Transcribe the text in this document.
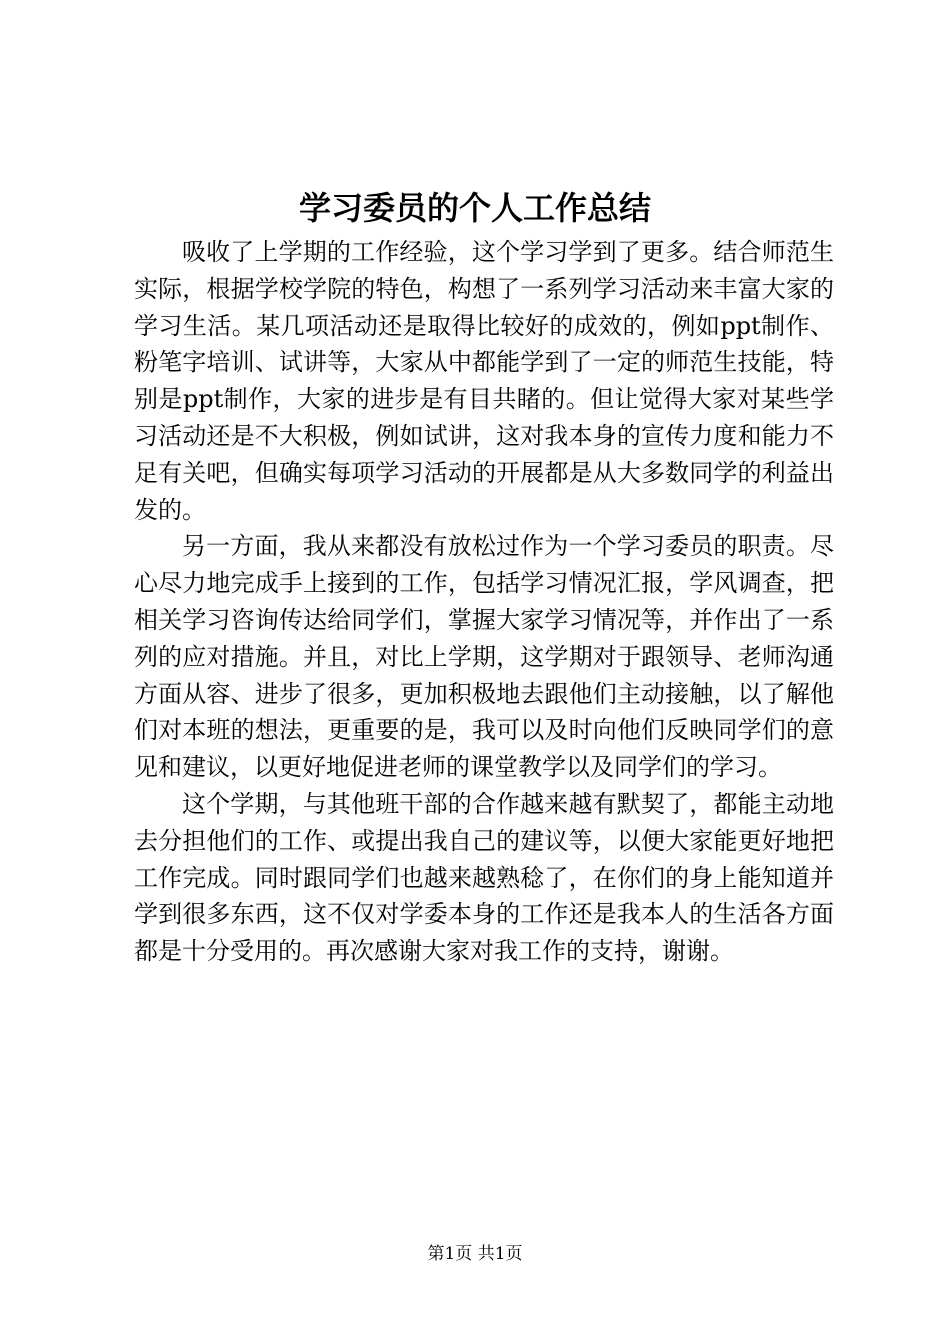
学习委员的个人工作总结

吸收了上学期的工作经验，这个学习学到了更多。结合师范生实际，根据学校学院的特色，构想了一系列学习活动来丰富大家的学习生活。某几项活动还是取得比较好的成效的，例如ppt制作、粉笔字培训、试讲等，大家从中都能学到了一定的师范生技能，特别是ppt制作，大家的进步是有目共睹的。但让觉得大家对某些学习活动还是不大积极，例如试讲，这对我本身的宣传力度和能力不足有关吧，但确实每项学习活动的开展都是从大多数同学的利益出发的。

另一方面，我从来都没有放松过作为一个学习委员的职责。尽心尽力地完成手上接到的工作，包括学习情况汇报，学风调查，把相关学习咨询传达给同学们，掌握大家学习情况等，并作出了一系列的应对措施。并且，对比上学期，这学期对于跟领导、老师沟通方面从容、进步了很多，更加积极地去跟他们主动接触，以了解他们对本班的想法，更重要的是，我可以及时向他们反映同学们的意见和建议，以更好地促进老师的课堂教学以及同学们的学习。

这个学期，与其他班干部的合作越来越有默契了，都能主动地去分担他们的工作、或提出我自己的建议等，以便大家能更好地把工作完成。同时跟同学们也越来越熟稔了，在你们的身上能知道并学到很多东西，这不仅对学委本身的工作还是我本人的生活各方面都是十分受用的。再次感谢大家对我工作的支持，谢谢。

第1页 共1页
